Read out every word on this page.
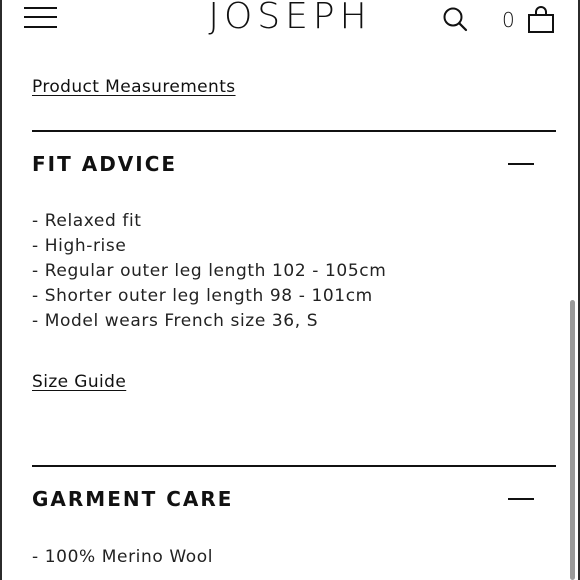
JOSEPH	0
Product Measurements
FIT ADVICE
- Relaxed fit
- High-rise
- Regular outer leg length 102 - 105cm
- Shorter outer leg length 98 - 101cm
- Model wears French size 36, S
Size Guide
GARMENT CARE
- 100% Merino Wool
